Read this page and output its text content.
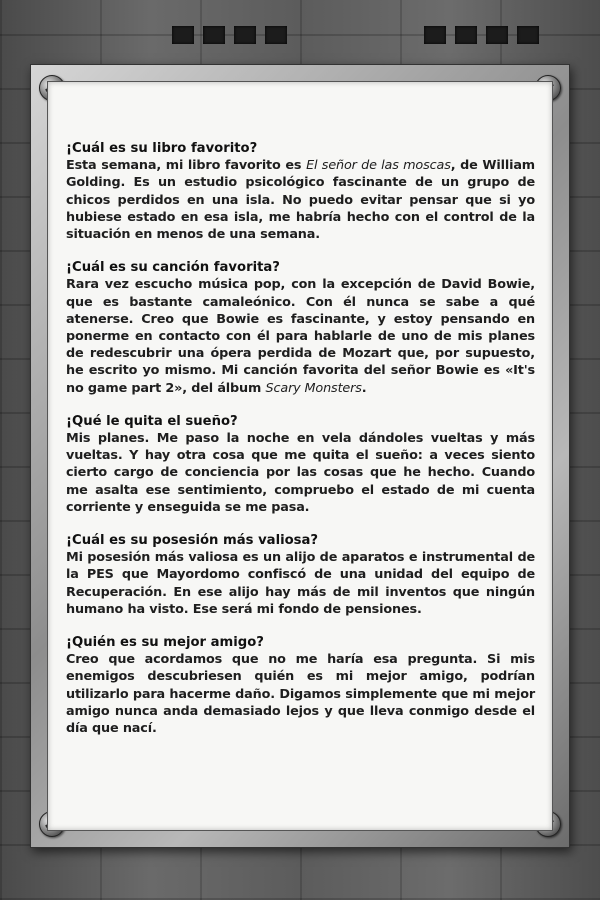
¡Cuál es su libro favorito?

Esta semana, mi libro favorito es El señor de las moscas, de William Golding. Es un estudio psicológico fascinante de un grupo de chicos perdidos en una isla. No puedo evitar pensar que si yo hubiese estado en esa isla, me habría hecho con el control de la situación en menos de una semana.

¡Cuál es su canción favorita?

Rara vez escucho música pop, con la excepción de David Bowie, que es bastante camaleónico. Con él nunca se sabe a qué atenerse. Creo que Bowie es fascinante, y estoy pensando en ponerme en contacto con él para hablarle de uno de mis planes de redescubrir una ópera perdida de Mozart que, por supuesto, he escrito yo mismo. Mi canción favorita del señor Bowie es «It's no game part 2», del álbum Scary Monsters.

¡Qué le quita el sueño?

Mis planes. Me paso la noche en vela dándoles vueltas y más vueltas. Y hay otra cosa que me quita el sueño: a veces siento cierto cargo de conciencia por las cosas que he hecho. Cuando me asalta ese sentimiento, compruebo el estado de mi cuenta corriente y enseguida se me pasa.

¡Cuál es su posesión más valiosa?

Mi posesión más valiosa es un alijo de aparatos e instrumental de la PES que Mayordomo confiscó de una unidad del equipo de Recuperación. En ese alijo hay más de mil inventos que ningún humano ha visto. Ese será mi fondo de pensiones.

¡Quién es su mejor amigo?

Creo que acordamos que no me haría esa pregunta. Si mis enemigos descubriesen quién es mi mejor amigo, podrían utilizarlo para hacerme daño. Digamos simplemente que mi mejor amigo nunca anda demasiado lejos y que lleva conmigo desde el día que nací.
